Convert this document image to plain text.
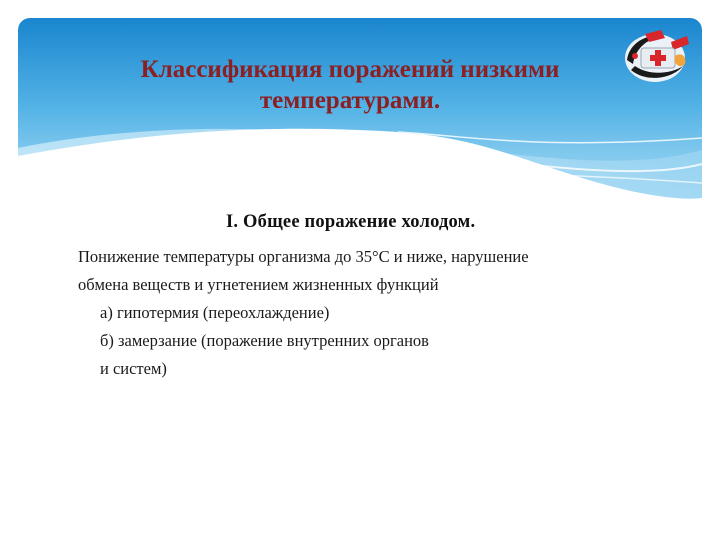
Классификация поражений низкими
температурами.
I. Общее поражение холодом.

Понижение температуры организма до 35°С и ниже, нарушение

обмена веществ и угнетением жизненных функций

а) гипотермия (переохлаждение)

б) замерзание (поражение внутренних органов

и систем)
